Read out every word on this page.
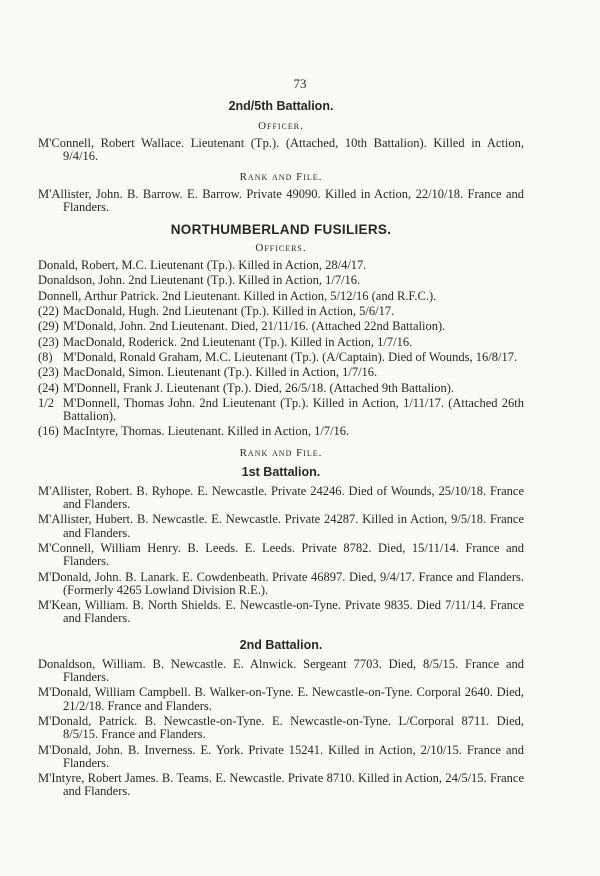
73
2nd/5th Battalion.
Officer.
M'Connell, Robert Wallace. Lieutenant (Tp.). (Attached, 10th Battalion). Killed in Action, 9/4/16.
Rank and File.
M'Allister, John. B. Barrow. E. Barrow. Private 49090. Killed in Action, 22/10/18. France and Flanders.
NORTHUMBERLAND FUSILIERS.
Officers.
Donald, Robert, M.C. Lieutenant (Tp.). Killed in Action, 28/4/17.
Donaldson, John. 2nd Lieutenant (Tp.). Killed in Action, 1/7/16.
Donnell, Arthur Patrick. 2nd Lieutenant. Killed in Action, 5/12/16 (and R.F.C.).
(22) MacDonald, Hugh. 2nd Lieutenant (Tp.). Killed in Action, 5/6/17.
(29) M'Donald, John. 2nd Lieutenant. Died, 21/11/16. (Attached 22nd Battalion).
(23) MacDonald, Roderick. 2nd Lieutenant (Tp.). Killed in Action, 1/7/16.
(8) M'Donald, Ronald Graham, M.C. Lieutenant (Tp.). (A/Captain). Died of Wounds, 16/8/17.
(23) MacDonald, Simon. Lieutenant (Tp.). Killed in Action, 1/7/16.
(24) M'Donnell, Frank J. Lieutenant (Tp.). Died, 26/5/18. (Attached 9th Battalion).
1/2 M'Donnell, Thomas John. 2nd Lieutenant (Tp.). Killed in Action, 1/11/17. (Attached 26th Battalion).
(16) MacIntyre, Thomas. Lieutenant. Killed in Action, 1/7/16.
Rank and File.
1st Battalion.
M'Allister, Robert. B. Ryhope. E. Newcastle. Private 24246. Died of Wounds, 25/10/18. France and Flanders.
M'Allister, Hubert. B. Newcastle. E. Newcastle. Private 24287. Killed in Action, 9/5/18. France and Flanders.
M'Connell, William Henry. B. Leeds. E. Leeds. Private 8782. Died, 15/11/14. France and Flanders.
M'Donald, John. B. Lanark. E. Cowdenbeath. Private 46897. Died, 9/4/17. France and Flanders. (Formerly 4265 Lowland Division R.E.).
M'Kean, William. B. North Shields. E. Newcastle-on-Tyne. Private 9835. Died 7/11/14. France and Flanders.
2nd Battalion.
Donaldson, William. B. Newcastle. E. Alnwick. Sergeant 7703. Died, 8/5/15. France and Flanders.
M'Donald, William Campbell. B. Walker-on-Tyne. E. Newcastle-on-Tyne. Corporal 2640. Died, 21/2/18. France and Flanders.
M'Donald, Patrick. B. Newcastle-on-Tyne. E. Newcastle-on-Tyne. L/Corporal 8711. Died, 8/5/15. France and Flanders.
M'Donald, John. B. Inverness. E. York. Private 15241. Killed in Action, 2/10/15. France and Flanders.
M'Intyre, Robert James. B. Teams. E. Newcastle. Private 8710. Killed in Action, 24/5/15. France and Flanders.
